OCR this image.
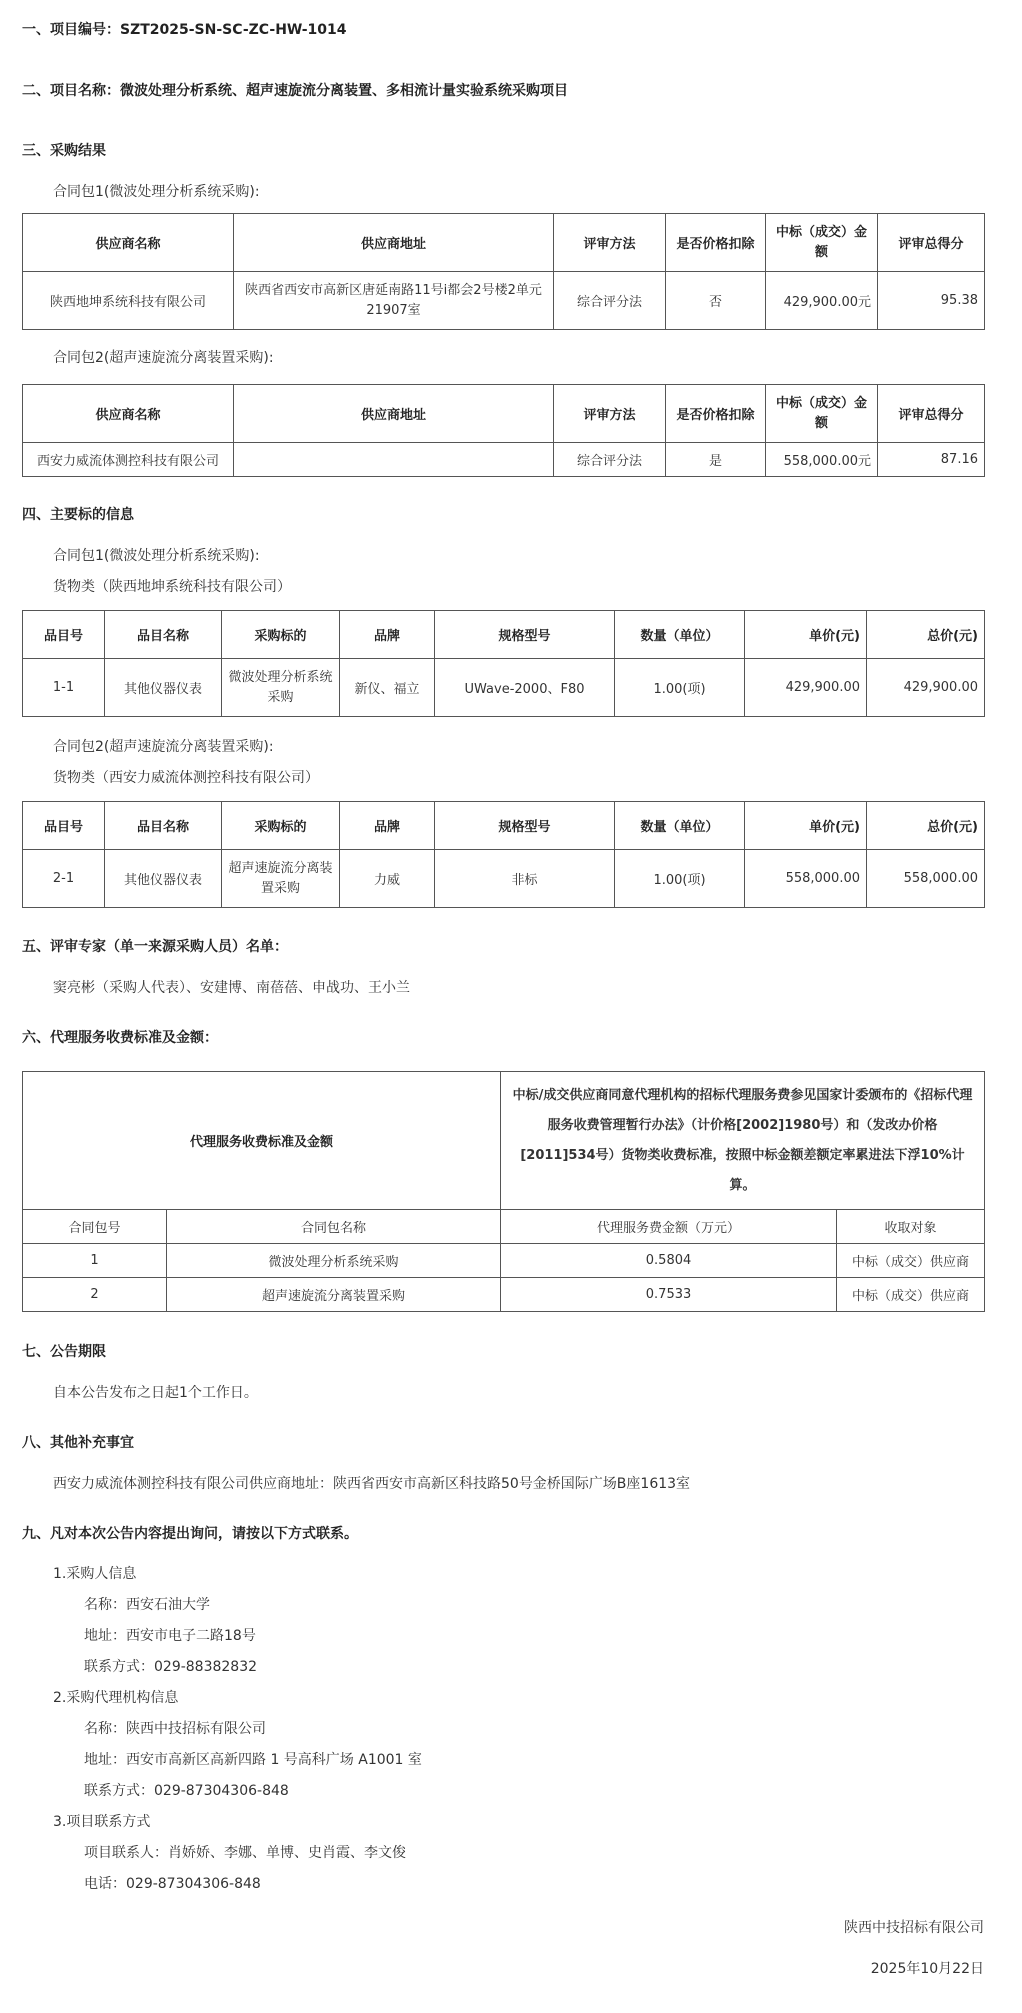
一、项目编号：SZT2025-SN-SC-ZC-HW-1014
二、项目名称：微波处理分析系统、超声速旋流分离装置、多相流计量实验系统采购项目
三、采购结果
合同包1(微波处理分析系统采购):
供应商名称	供应商地址	评审方法	是否价格扣除	中标（成交）金额	评审总得分
陕西地坤系统科技有限公司	陕西省西安市高新区唐延南路11号i都会2号楼2单元21907室	综合评分法	否	429,900.00元	95.38
合同包2(超声速旋流分离装置采购):
供应商名称	供应商地址	评审方法	是否价格扣除	中标（成交）金额	评审总得分
西安力威流体测控科技有限公司		综合评分法	是	558,000.00元	87.16
四、主要标的信息
合同包1(微波处理分析系统采购):
货物类（陕西地坤系统科技有限公司）
品目号	品目名称	采购标的	品牌	规格型号	数量（单位）	单价(元)	总价(元)
1-1	其他仪器仪表	微波处理分析系统采购	新仪、福立	UWave-2000、F80	1.00(项)	429,900.00	429,900.00
合同包2(超声速旋流分离装置采购):
货物类（西安力威流体测控科技有限公司）
品目号	品目名称	采购标的	品牌	规格型号	数量（单位）	单价(元)	总价(元)
2-1	其他仪器仪表	超声速旋流分离装置采购	力威	非标	1.00(项)	558,000.00	558,000.00
五、评审专家（单一来源采购人员）名单：
窦亮彬（采购人代表）、安建博、南蓓蓓、申战功、王小兰
六、代理服务收费标准及金额：
代理服务收费标准及金额		中标/成交供应商同意代理机构的招标代理服务费参见国家计委颁布的《招标代理服务收费管理暂行办法》（计价格[2002]1980号）和（发改办价格[2011]534号）货物类收费标准，按照中标金额差额定率累进法下浮10%计算。	
合同包号	合同包名称	代理服务费金额（万元）	收取对象
1	微波处理分析系统采购	0.5804	中标（成交）供应商
2	超声速旋流分离装置采购	0.7533	中标（成交）供应商
七、公告期限
自本公告发布之日起1个工作日。
八、其他补充事宜
西安力威流体测控科技有限公司供应商地址：陕西省西安市高新区科技路50号金桥国际广场B座1613室
九、凡对本次公告内容提出询问，请按以下方式联系。
1.采购人信息
名称：西安石油大学
地址：西安市电子二路18号
联系方式：029-88382832
2.采购代理机构信息
名称：陕西中技招标有限公司
地址：西安市高新区高新四路 1 号高科广场 A1001 室
联系方式：029-87304306-848
3.项目联系方式
项目联系人：肖娇娇、李娜、单博、史肖霞、李文俊
电话：029-87304306-848
陕西中技招标有限公司
2025年10月22日
